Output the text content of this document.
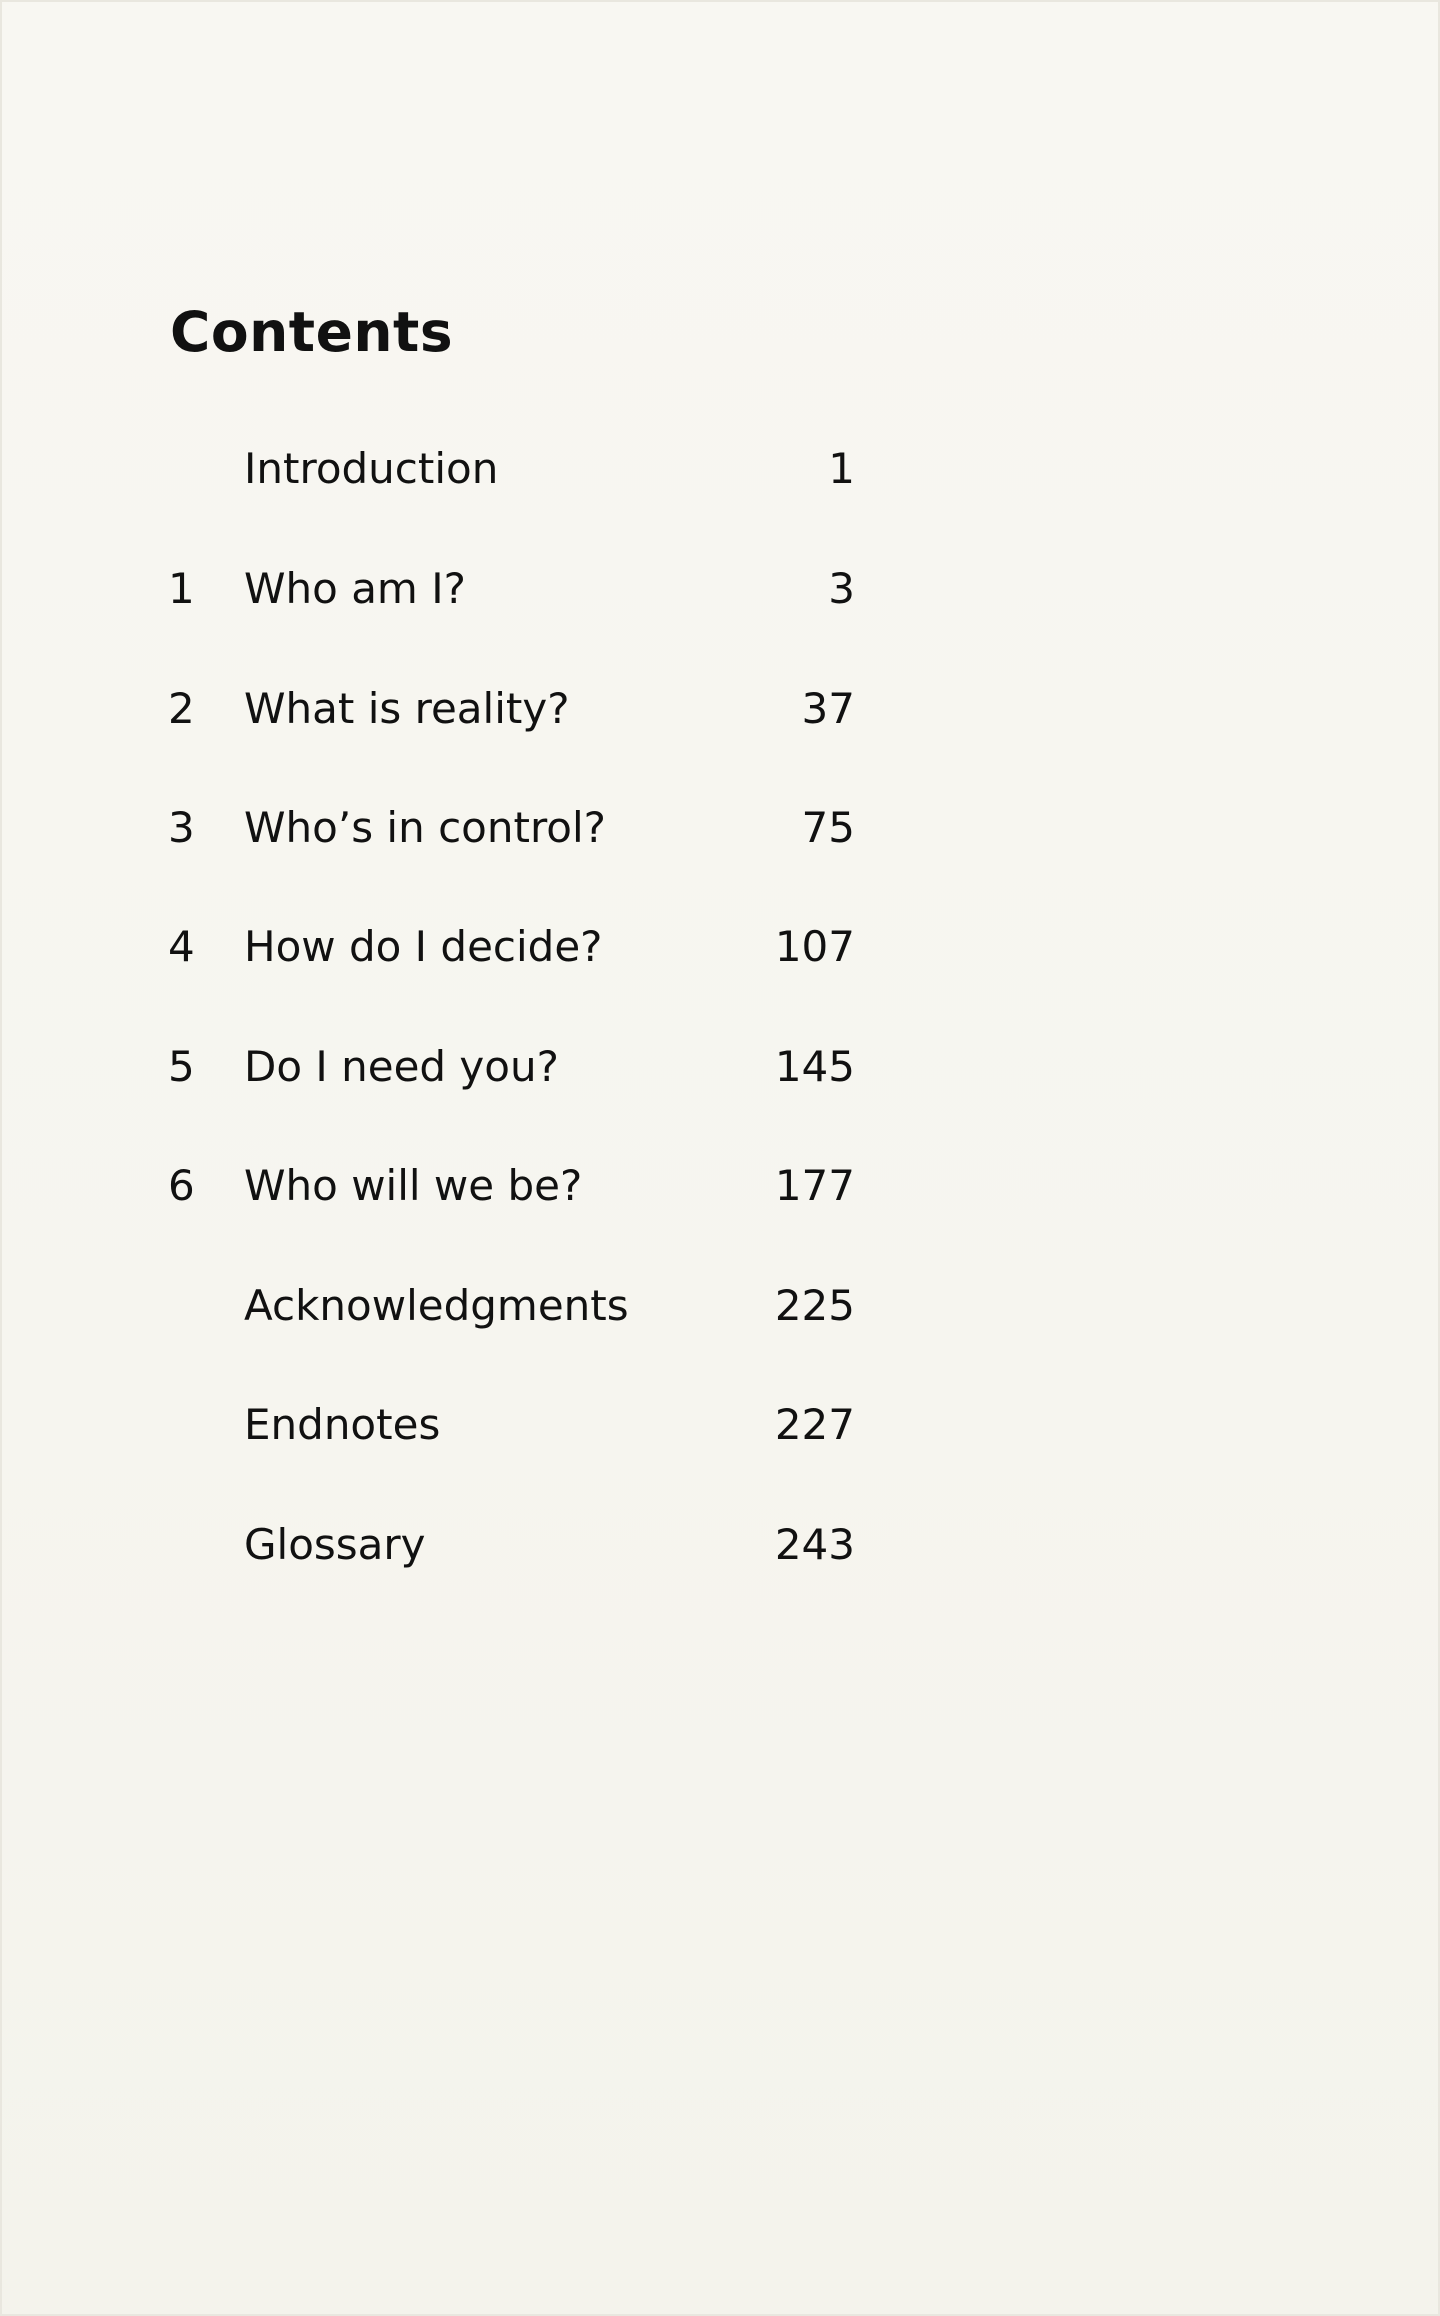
Contents
Introduction	1
1	Who am I?	3
2	What is reality?	37
3	Who’s in control?	75
4	How do I decide?	107
5	Do I need you?	145
6	Who will we be?	177
Acknowledgments	225
Endnotes	227
Glossary	243
